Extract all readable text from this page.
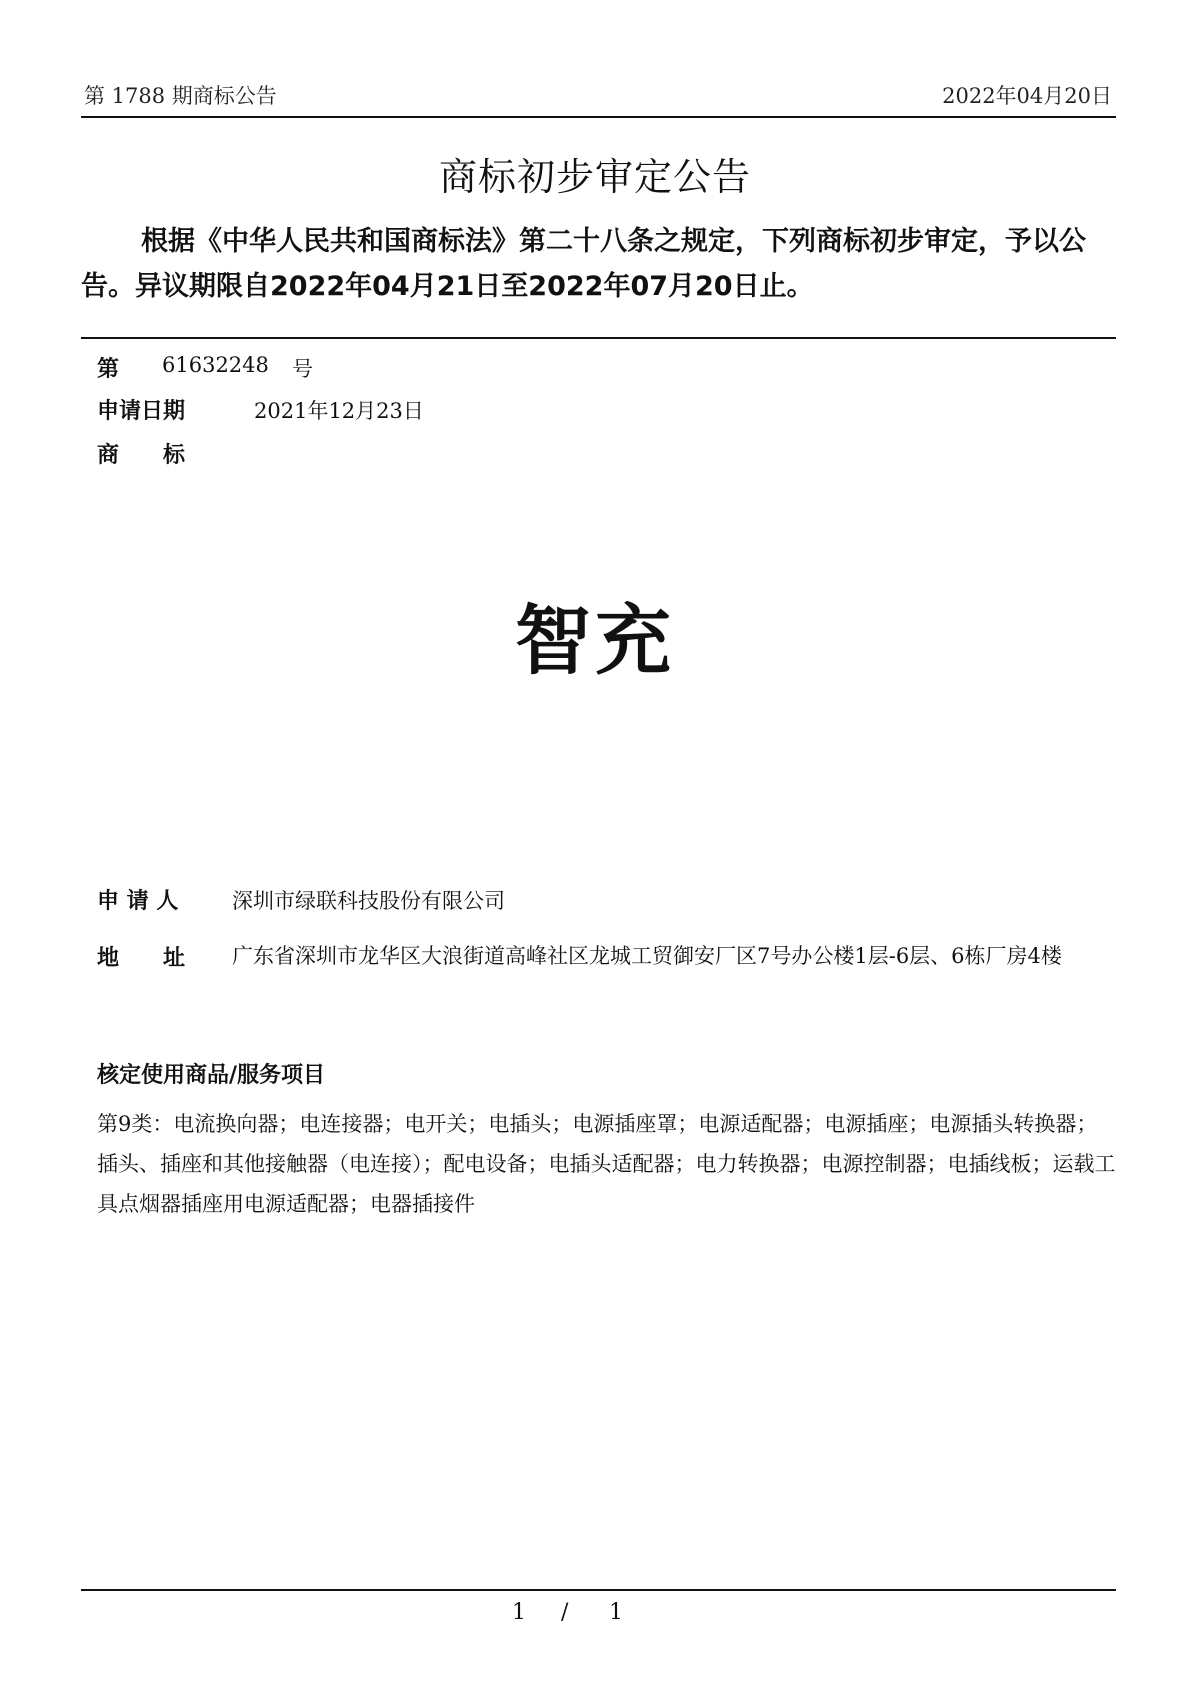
第 1788 期商标公告	2022年04月20日
商标初步审定公告
根据《中华人民共和国商标法》第二十八条之规定，下列商标初步审定，予以公告。异议期限自2022年04月21日至2022年07月20日止。
第 61632248 号
申请日期	2021年12月23日
商　　标
智充
申 请 人	深圳市绿联科技股份有限公司
地　　址 广东省深圳市龙华区大浪街道高峰社区龙城工贸御安厂区7号办公楼1层-6层、6栋厂房4楼
核定使用商品/服务项目
第9类：电流换向器；电连接器；电开关；电插头；电源插座罩；电源适配器；电源插座；电源插头转换器；插头、插座和其他接触器（电连接）；配电设备；电插头适配器；电力转换器；电源控制器；电插线板；运载工具点烟器插座用电源适配器；电器插接件
1 / 1
